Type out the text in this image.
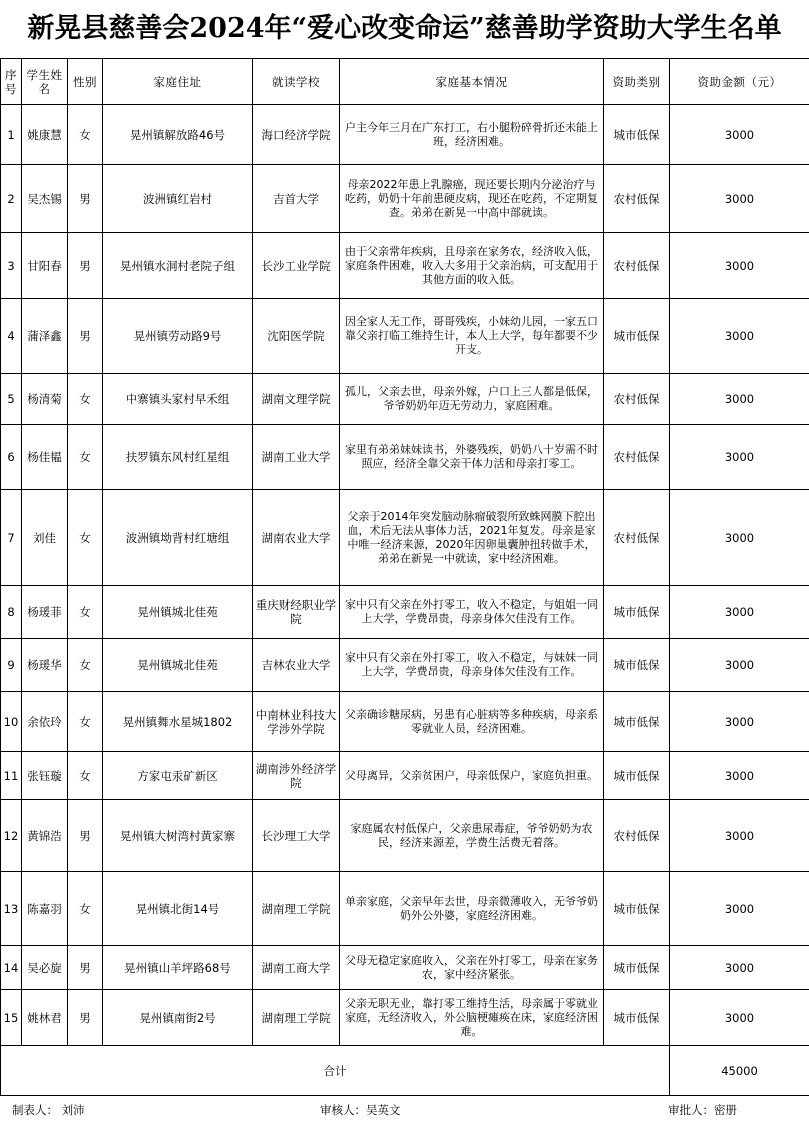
新晃县慈善会2024年“爱心改变命运”慈善助学资助大学生名单
序号	学生姓名	性别	家庭住址	就读学校	家庭基本情况	资助类别	资助金额（元）
1	姚康慧	女	晃州镇解放路46号	海口经济学院	户主今年三月在广东打工，右小腿粉碎骨折还未能上班，经济困难。	城市低保	3000
2	吴杰锡	男	波洲镇红岩村	吉首大学	母亲2022年患上乳腺癌，现还要长期内分泌治疗与吃药，奶奶十年前患硬皮病，现还在吃药，不定期复查。弟弟在新晃一中高中部就读。	农村低保	3000
3	甘阳春	男	晃州镇水洞村老院子组	长沙工业学院	由于父亲常年疾病，且母亲在家务农，经济收入低，家庭条件困难，收入大多用于父亲治病，可支配用于其他方面的收入低。	农村低保	3000
4	蒲泽鑫	男	晃州镇劳动路9号	沈阳医学院	因全家人无工作，哥哥残疾，小妹幼儿园，一家五口靠父亲打临工维持生计，本人上大学，每年都要不少开支。	城市低保	3000
5	杨清菊	女	中寨镇头家村早禾组	湖南文理学院	孤儿，父亲去世，母亲外嫁，户口上三人都是低保，爷爷奶奶年迈无劳动力，家庭困难。	农村低保	3000
6	杨佳韫	女	扶罗镇东风村红星组	湖南工业大学	家里有弟弟妹妹读书，外婆残疾，奶奶八十岁需不时照应，经济全靠父亲干体力活和母亲打零工。	农村低保	3000
7	刘佳	女	波洲镇坳背村红塘组	湖南农业大学	父亲于2014年突发脑动脉瘤破裂所致蛛网膜下腔出血，术后无法从事体力活，2021年复发。母亲是家中唯一经济来源，2020年因卵巢囊肿扭转做手术，弟弟在新晃一中就读，家中经济困难。	农村低保	3000
8	杨瑗菲	女	晃州镇城北佳苑	重庆财经职业学院	家中只有父亲在外打零工，收入不稳定，与姐姐一同上大学，学费昂贵，母亲身体欠佳没有工作。	城市低保	3000
9	杨瑗华	女	晃州镇城北佳苑	吉林农业大学	家中只有父亲在外打零工，收入不稳定，与妹妹一同上大学，学费昂贵，母亲身体欠佳没有工作。	城市低保	3000
10	余依玲	女	晃州镇舞水星城1802	中南林业科技大学涉外学院	父亲确诊糖尿病，另患有心脏病等多种疾病，母亲系零就业人员，经济困难。	城市低保	3000
11	张钰璇	女	方家屯汞矿新区	湖南涉外经济学院	父母离异，父亲贫困户，母亲低保户，家庭负担重。	城市低保	3000
12	黄锦浩	男	晃州镇大树湾村黄家寨	长沙理工大学	家庭属农村低保户，父亲患尿毒症，爷爷奶奶为农民，经济来源差，学费生活费无着落。	农村低保	3000
13	陈嘉羽	女	晃州镇北街14号	湖南理工学院	单亲家庭，父亲早年去世，母亲微薄收入，无爷爷奶奶外公外婆，家庭经济困难。	城市低保	3000
14	吴必旋	男	晃州镇山羊坪路68号	湖南工商大学	父母无稳定家庭收入，父亲在外打零工，母亲在家务农，家中经济紧张。	城市低保	3000
15	姚林君	男	晃州镇南街2号	湖南理工学院	父亲无职无业，靠打零工维持生活，母亲属于零就业家庭，无经济收入，外公脑梗瘫痪在床，家庭经济困难。	城市低保	3000
合计							45000
制表人： 刘沛	审核人：吴英文	审批人：密册
